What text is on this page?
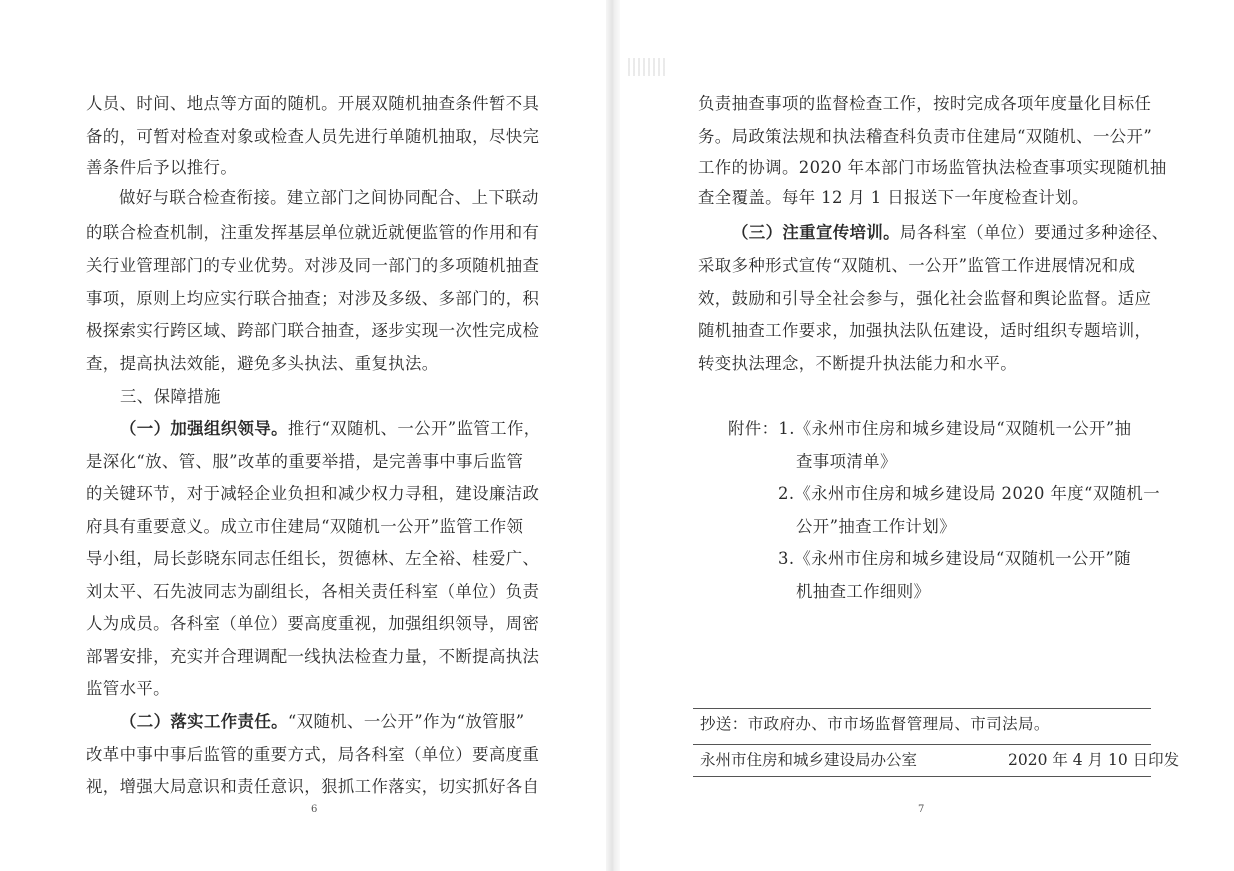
人员、时间、地点等方面的随机。开展双随机抽查条件暂不具

备的，可暂对检查对象或检查人员先进行单随机抽取，尽快完

善条件后予以推行。

做好与联合检查衔接。建立部门之间协同配合、上下联动

的联合检查机制，注重发挥基层单位就近就便监管的作用和有

关行业管理部门的专业优势。对涉及同一部门的多项随机抽查

事项，原则上均应实行联合抽查；对涉及多级、多部门的，积

极探索实行跨区域、跨部门联合抽查，逐步实现一次性完成检

查，提高执法效能，避免多头执法、重复执法。

三、保障措施

（一）加强组织领导。推行“双随机、一公开”监管工作，

是深化“放、管、服”改革的重要举措，是完善事中事后监管

的关键环节，对于减轻企业负担和减少权力寻租，建设廉洁政

府具有重要意义。成立市住建局“双随机一公开”监管工作领

导小组，局长彭晓东同志任组长，贺德林、左全裕、桂爱广、

刘太平、石先波同志为副组长，各相关责任科室（单位）负责

人为成员。各科室（单位）要高度重视，加强组织领导，周密

部署安排，充实并合理调配一线执法检查力量，不断提高执法

监管水平。

（二）落实工作责任。“双随机、一公开”作为“放管服”

改革中事中事后监管的重要方式，局各科室（单位）要高度重

视，增强大局意识和责任意识，狠抓工作落实，切实抓好各自

6

负责抽查事项的监督检查工作，按时完成各项年度量化目标任

务。局政策法规和执法稽查科负责市住建局“双随机、一公开”

工作的协调。2020 年本部门市场监管执法检查事项实现随机抽

查全覆盖。每年 12 月 1 日报送下一年度检查计划。

（三）注重宣传培训。局各科室（单位）要通过多种途径、

采取多种形式宣传“双随机、一公开”监管工作进展情况和成

效，鼓励和引导全社会参与，强化社会监督和舆论监督。适应

随机抽查工作要求，加强执法队伍建设，适时组织专题培训，

转变执法理念，不断提升执法能力和水平。

附件：1.《永州市住房和城乡建设局“双随机一公开”抽

查事项清单》

2.《永州市住房和城乡建设局 2020 年度“双随机一

公开”抽查工作计划》

3.《永州市住房和城乡建设局“双随机一公开”随

机抽查工作细则》

抄送：市政府办、市市场监督管理局、市司法局。

永州市住房和城乡建设局办公室	2020 年 4 月 10 日印发

7
